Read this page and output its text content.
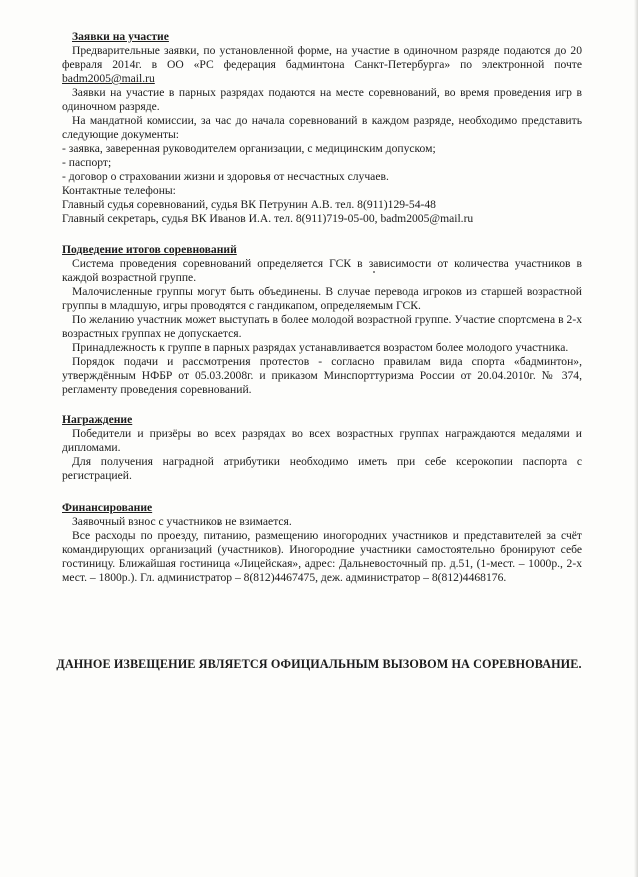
Заявки на участие

Предварительные заявки, по установленной форме, на участие в одиночном разряде подаются до 20 февраля 2014г. в ОО «РС федерация бадминтона Санкт-Петербурга» по электронной почте badm2005@mail.ru

Заявки на участие в парных разрядах подаются на месте соревнований, во время проведения игр в одиночном разряде.

На мандатной комиссии, за час до начала соревнований в каждом разряде, необходимо представить следующие документы:

- заявка, заверенная руководителем организации, с медицинским допуском;

- паспорт;

- договор о страховании жизни и здоровья от несчастных случаев.

Контактные телефоны:

Главный судья соревнований, судья ВК Петрунин А.В. тел. 8(911)129-54-48

Главный секретарь, судья ВК Иванов И.А. тел. 8(911)719-05-00, badm2005@mail.ru

Подведение итогов соревнований

Система проведения соревнований определяется ГСК в зависимости от количества участников в каждой возрастной группе.

Малочисленные группы могут быть объединены. В случае перевода игроков из старшей возрастной группы в младшую, игры проводятся с гандикапом, определяемым ГСК.

По желанию участник может выступать в более молодой возрастной группе. Участие спортсмена в 2-х возрастных группах не допускается.

Принадлежность к группе в парных разрядах устанавливается возрастом более молодого участника.

Порядок подачи и рассмотрения протестов - согласно правилам вида спорта «бадминтон», утверждённым НФБР от 05.03.2008г. и приказом Минспорттуризма России от 20.04.2010г. № 374, регламенту проведения соревнований.

Награждение

Победители и призёры во всех разрядах во всех возрастных группах награждаются медалями и дипломами.

Для получения наградной атрибутики необходимо иметь при себе ксерокопии паспорта с регистрацией.

Финансирование

Заявочный взнос с участников не взимается.

Все расходы по проезду, питанию, размещению иногородних участников и представителей за счёт командирующих организаций (участников). Иногородние участники самостоятельно бронируют себе гостиницу. Ближайшая гостиница «Лицейская», адрес: Дальневосточный пр. д.51, (1-мест. – 1000р., 2-х мест. – 1800р.). Гл. администратор – 8(812)4467475, деж. администратор – 8(812)4468176.

ДАННОЕ ИЗВЕЩЕНИЕ ЯВЛЯЕТСЯ ОФИЦИАЛЬНЫМ ВЫЗОВОМ НА СОРЕВНОВАНИЕ.
